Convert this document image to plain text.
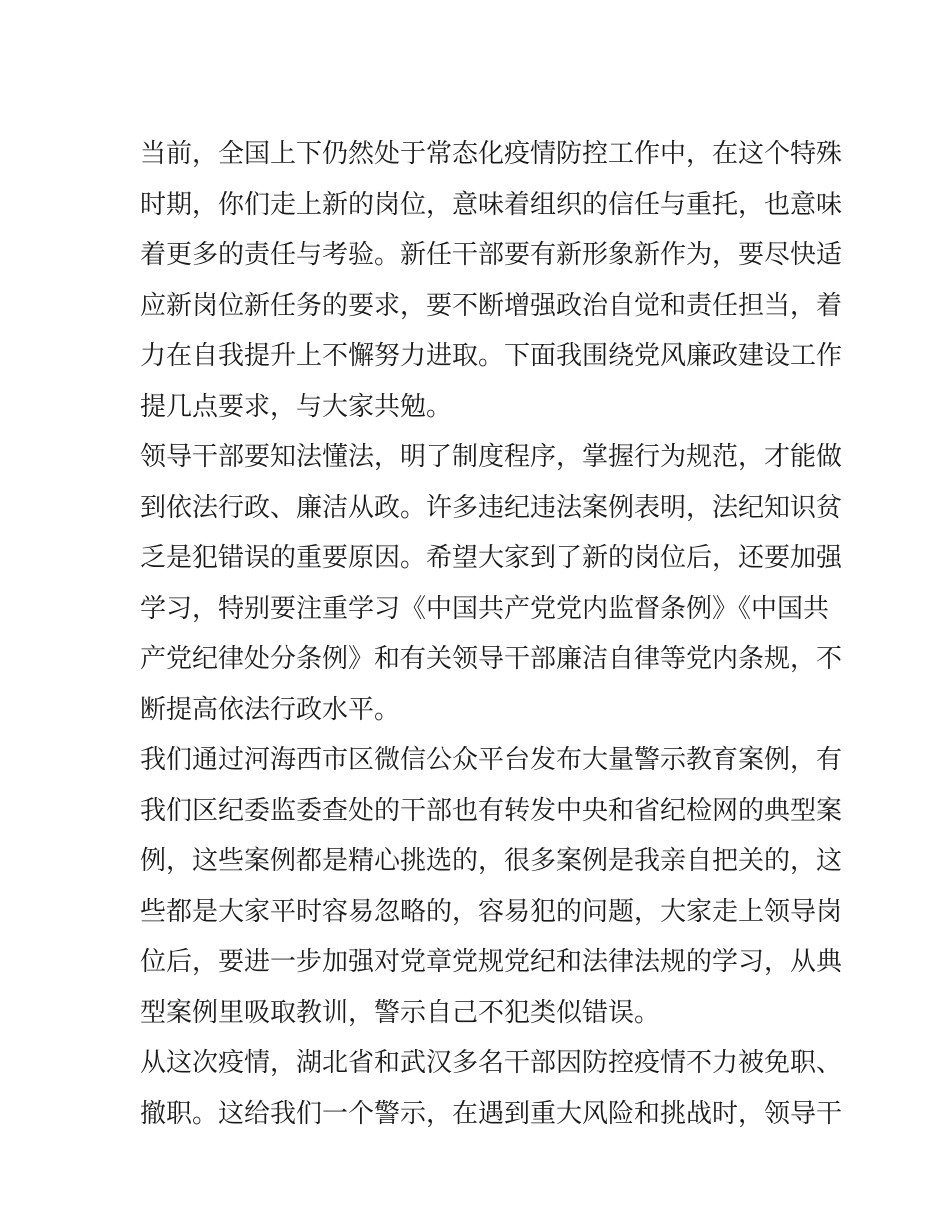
当前，全国上下仍然处于常态化疫情防控工作中，在这个特殊
时期，你们走上新的岗位，意味着组织的信任与重托，也意味
着更多的责任与考验。新任干部要有新形象新作为，要尽快适
应新岗位新任务的要求，要不断增强政治自觉和责任担当，着
力在自我提升上不懈努力进取。下面我围绕党风廉政建设工作
提几点要求，与大家共勉。
领导干部要知法懂法，明了制度程序，掌握行为规范，才能做
到依法行政、廉洁从政。许多违纪违法案例表明，法纪知识贫
乏是犯错误的重要原因。希望大家到了新的岗位后，还要加强
学习，特别要注重学习《中国共产党党内监督条例》《中国共
产党纪律处分条例》和有关领导干部廉洁自律等党内条规，不
断提高依法行政水平。
我们通过河海西市区微信公众平台发布大量警示教育案例，有
我们区纪委监委查处的干部也有转发中央和省纪检网的典型案
例，这些案例都是精心挑选的，很多案例是我亲自把关的，这
些都是大家平时容易忽略的，容易犯的问题，大家走上领导岗
位后，要进一步加强对党章党规党纪和法律法规的学习，从典
型案例里吸取教训，警示自己不犯类似错误。
从这次疫情，湖北省和武汉多名干部因防控疫情不力被免职、
撤职。这给我们一个警示，在遇到重大风险和挑战时，领导干
